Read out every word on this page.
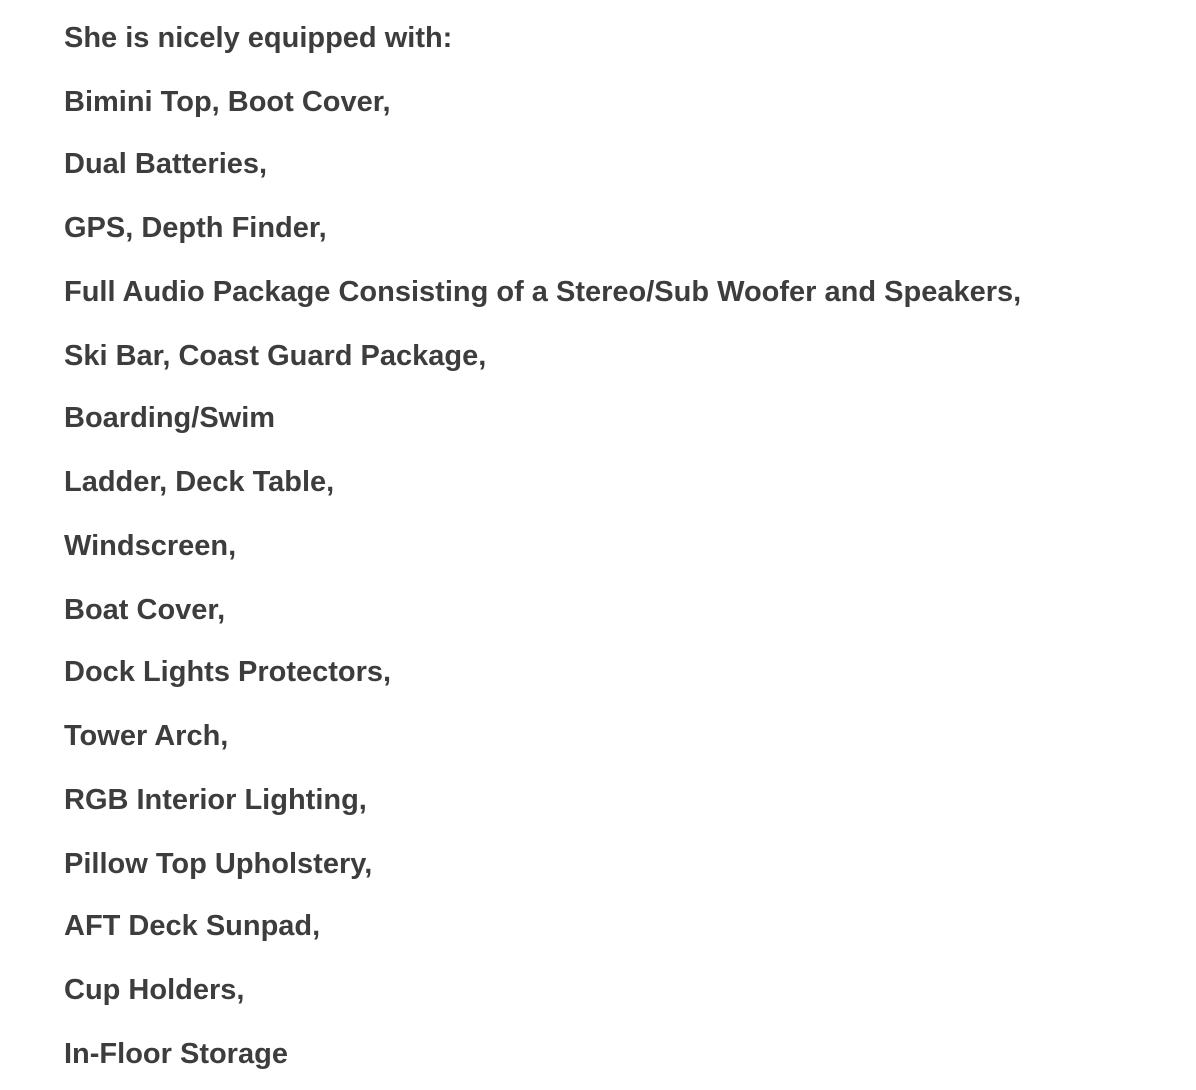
She is nicely equipped with:
Bimini Top, Boot Cover,
Dual Batteries,
GPS, Depth Finder,
Full Audio Package Consisting of a Stereo/Sub Woofer and Speakers,
Ski Bar, Coast Guard Package,
Boarding/Swim
Ladder, Deck Table,
Windscreen,
Boat Cover,
Dock Lights Protectors,
Tower Arch,
RGB Interior Lighting,
Pillow Top Upholstery,
AFT Deck Sunpad,
Cup Holders,
In-Floor Storage
